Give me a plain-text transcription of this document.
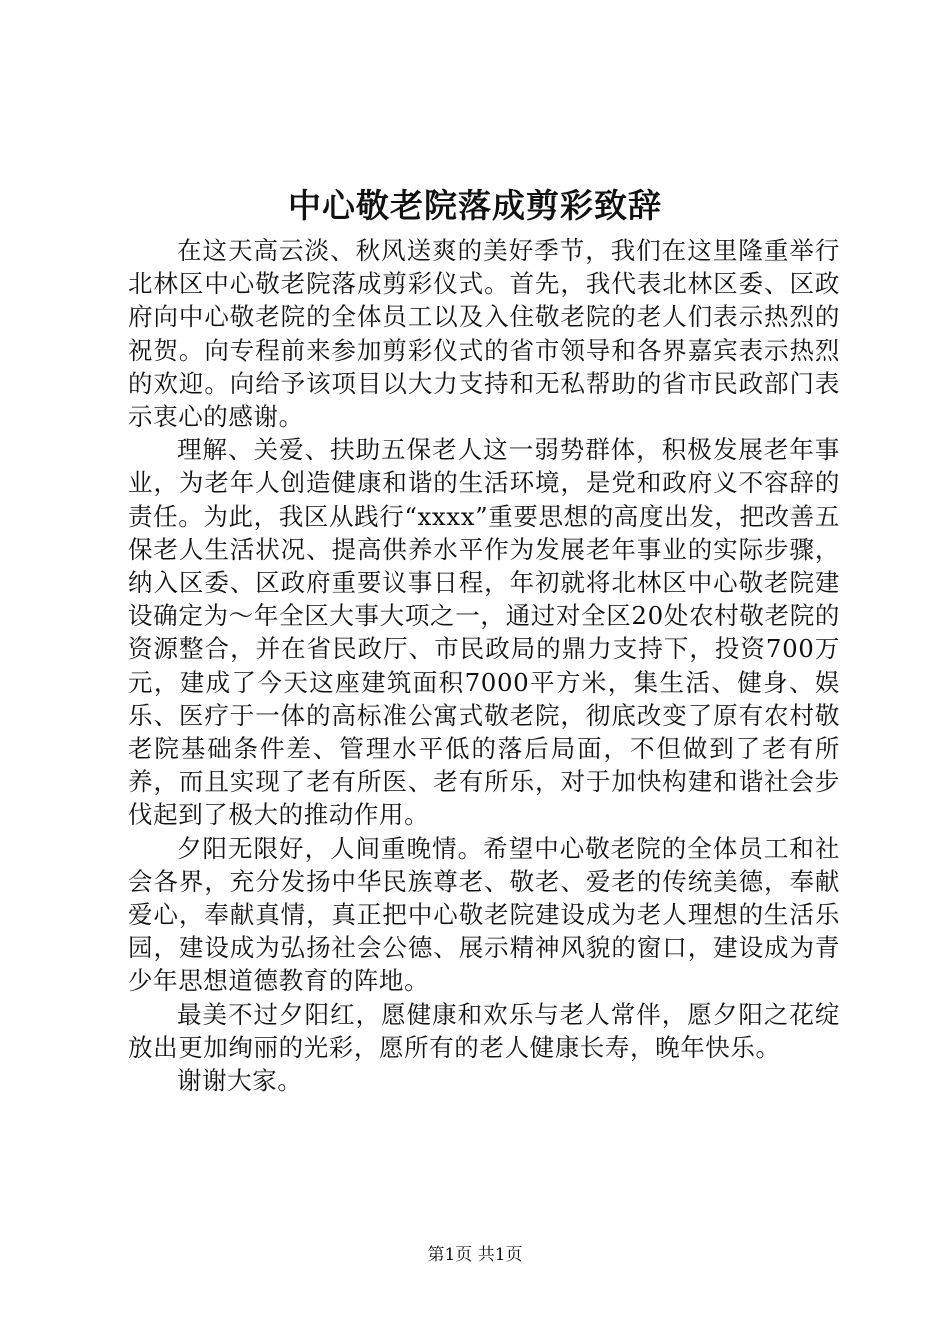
中心敬老院落成剪彩致辞

在这天高云淡、秋风送爽的美好季节，我们在这里隆重举行北林区中心敬老院落成剪彩仪式。首先，我代表北林区委、区政府向中心敬老院的全体员工以及入住敬老院的老人们表示热烈的祝贺。向专程前来参加剪彩仪式的省市领导和各界嘉宾表示热烈的欢迎。向给予该项目以大力支持和无私帮助的省市民政部门表示衷心的感谢。

理解、关爱、扶助五保老人这一弱势群体，积极发展老年事业，为老年人创造健康和谐的生活环境，是党和政府义不容辞的责任。为此，我区从践行“xxxx”重要思想的高度出发，把改善五保老人生活状况、提高供养水平作为发展老年事业的实际步骤，纳入区委、区政府重要议事日程，年初就将北林区中心敬老院建设确定为～年全区大事大项之一，通过对全区20处农村敬老院的资源整合，并在省民政厅、市民政局的鼎力支持下，投资700万元，建成了今天这座建筑面积7000平方米，集生活、健身、娱乐、医疗于一体的高标准公寓式敬老院，彻底改变了原有农村敬老院基础条件差、管理水平低的落后局面，不但做到了老有所养，而且实现了老有所医、老有所乐，对于加快构建和谐社会步伐起到了极大的推动作用。

夕阳无限好，人间重晚情。希望中心敬老院的全体员工和社会各界，充分发扬中华民族尊老、敬老、爱老的传统美德，奉献爱心，奉献真情，真正把中心敬老院建设成为老人理想的生活乐园，建设成为弘扬社会公德、展示精神风貌的窗口，建设成为青少年思想道德教育的阵地。

最美不过夕阳红，愿健康和欢乐与老人常伴，愿夕阳之花绽放出更加绚丽的光彩，愿所有的老人健康长寿，晚年快乐。

谢谢大家。

第1页 共1页
